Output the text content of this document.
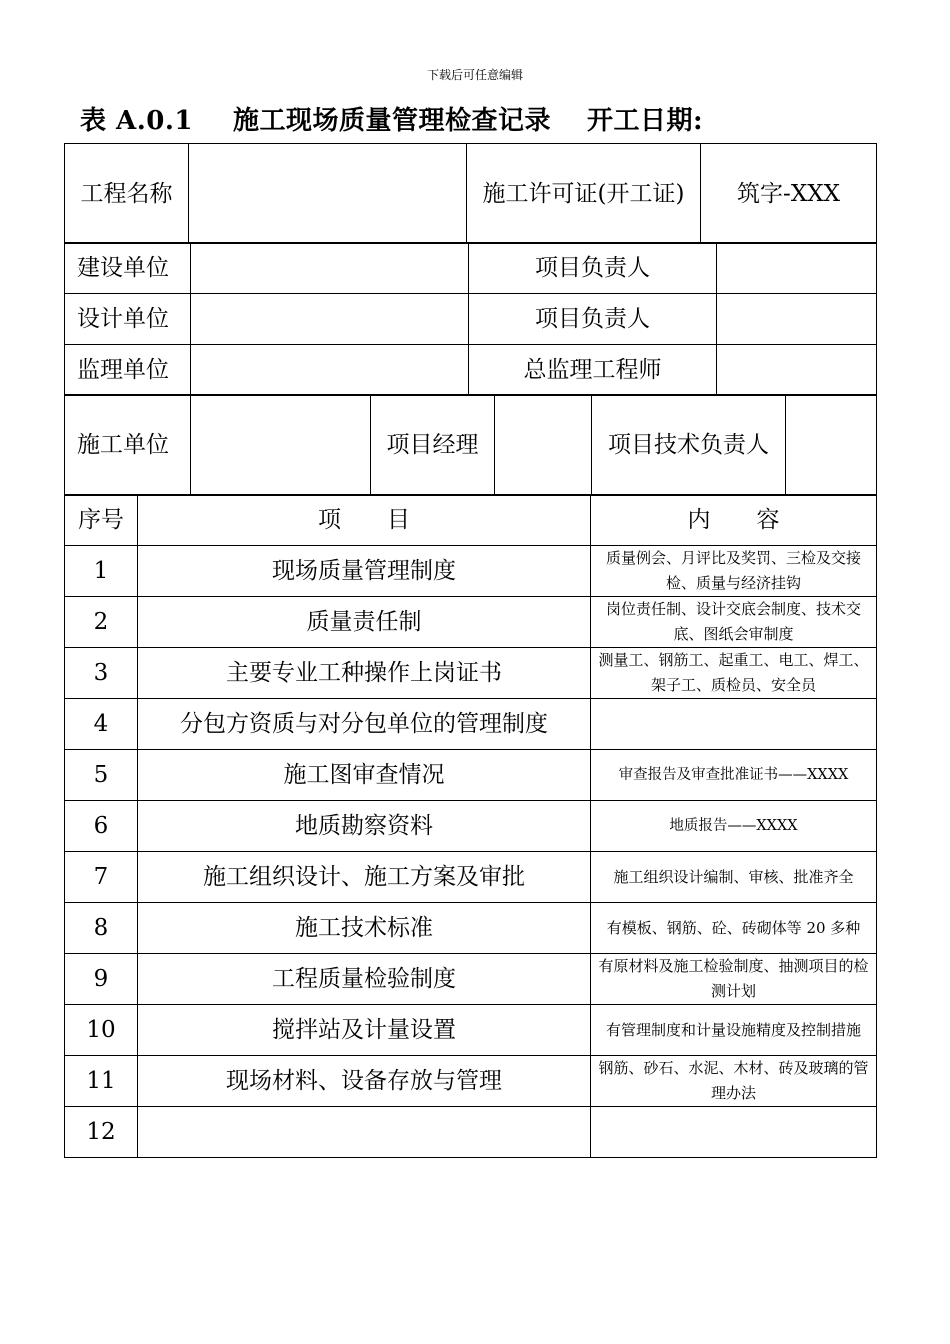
下载后可任意编辑
表 A.0.1 施工现场质量管理检查记录 开工日期:
工程名称		施工许可证(开工证)	筑字-XXX
建设单位		项目负责人	
设计单位		项目负责人	
监理单位		总监理工程师	
施工单位		项目经理		项目技术负责人	
序号	项　　目	内　　容
1	现场质量管理制度	质量例会、月评比及奖罚、三检及交接检、质量与经济挂钩
2	质量责任制	岗位责任制、设计交底会制度、技术交底、图纸会审制度
3	主要专业工种操作上岗证书	测量工、钢筋工、起重工、电工、焊工、架子工、质检员、安全员
4	分包方资质与对分包单位的管理制度	
5	施工图审查情况	审查报告及审查批准证书——XXXX
6	地质勘察资料	地质报告——XXXX
7	施工组织设计、施工方案及审批	施工组织设计编制、审核、批准齐全
8	施工技术标准	有模板、钢筋、砼、砖砌体等 20 多种
9	工程质量检验制度	有原材料及施工检验制度、抽测项目的检测计划
10	搅拌站及计量设置	有管理制度和计量设施精度及控制措施
11	现场材料、设备存放与管理	钢筋、砂石、水泥、木材、砖及玻璃的管理办法
12		
